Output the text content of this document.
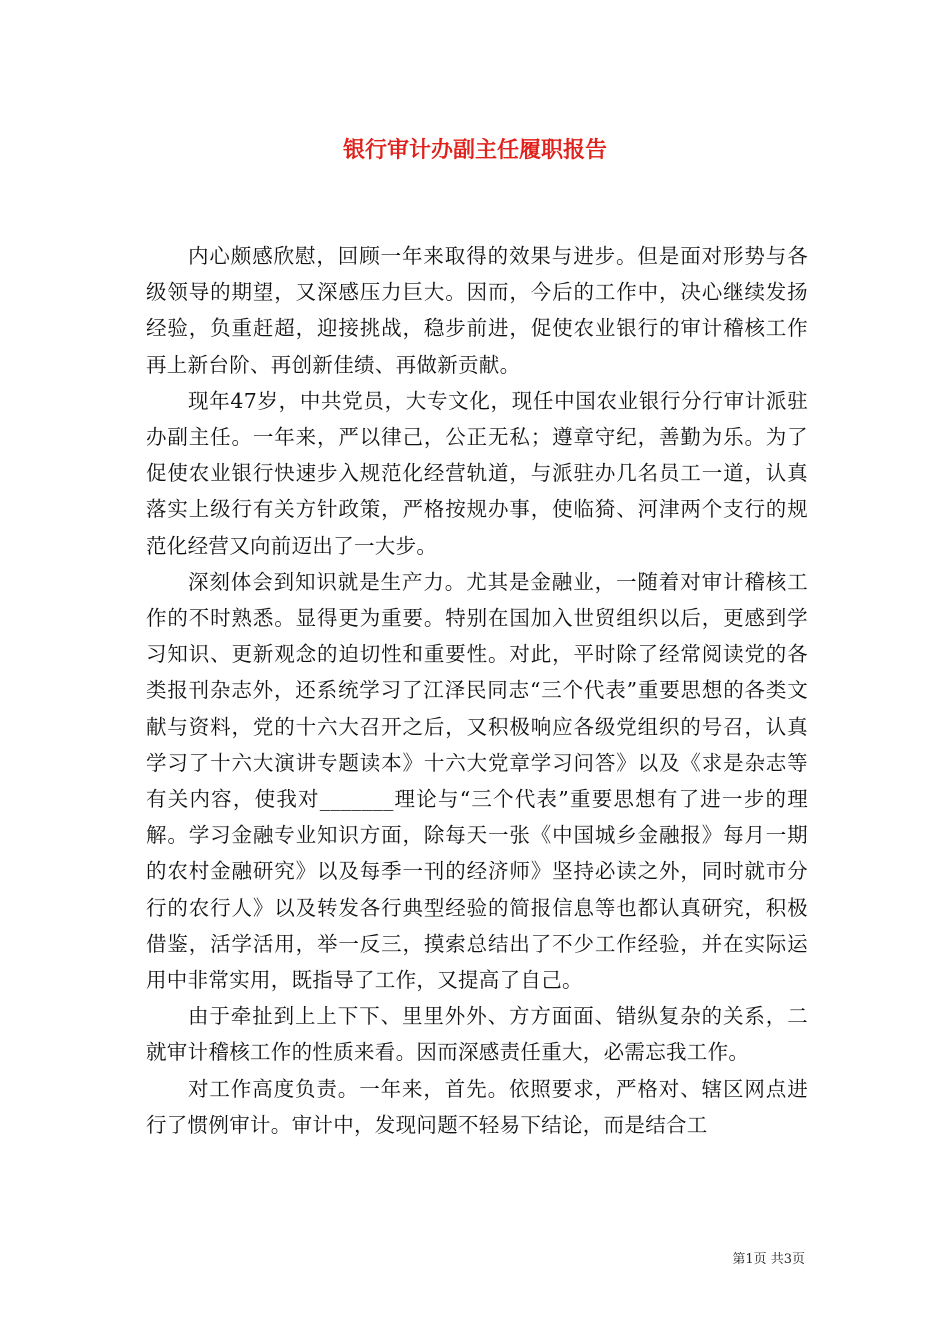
银行审计办副主任履职报告

内心颇感欣慰，回顾一年来取得的效果与进步。但是面对形势与各级领导的期望，又深感压力巨大。因而，今后的工作中，决心继续发扬经验，负重赶超，迎接挑战，稳步前进，促使农业银行的审计稽核工作再上新台阶、再创新佳绩、再做新贡献。

现年47岁，中共党员，大专文化，现任中国农业银行分行审计派驻办副主任。一年来，严以律己，公正无私；遵章守纪，善勤为乐。为了促使农业银行快速步入规范化经营轨道，与派驻办几名员工一道，认真落实上级行有关方针政策，严格按规办事，使临猗、河津两个支行的规范化经营又向前迈出了一大步。

深刻体会到知识就是生产力。尤其是金融业，一随着对审计稽核工作的不时熟悉。显得更为重要。特别在国加入世贸组织以后，更感到学习知识、更新观念的迫切性和重要性。对此，平时除了经常阅读党的各类报刊杂志外，还系统学习了江泽民同志“三个代表”重要思想的各类文献与资料，党的十六大召开之后，又积极响应各级党组织的号召，认真学习了十六大演讲专题读本》十六大党章学习问答》以及《求是杂志等有关内容，使我对_______理论与“三个代表”重要思想有了进一步的理解。学习金融专业知识方面，除每天一张《中国城乡金融报》每月一期的农村金融研究》以及每季一刊的经济师》坚持必读之外，同时就市分行的农行人》以及转发各行典型经验的简报信息等也都认真研究，积极借鉴，活学活用，举一反三，摸索总结出了不少工作经验，并在实际运用中非常实用，既指导了工作，又提高了自己。

由于牵扯到上上下下、里里外外、方方面面、错纵复杂的关系，二就审计稽核工作的性质来看。因而深感责任重大，必需忘我工作。

对工作高度负责。一年来，首先。依照要求，严格对、辖区网点进行了惯例审计。审计中，发现问题不轻易下结论，而是结合工

第1页 共3页
